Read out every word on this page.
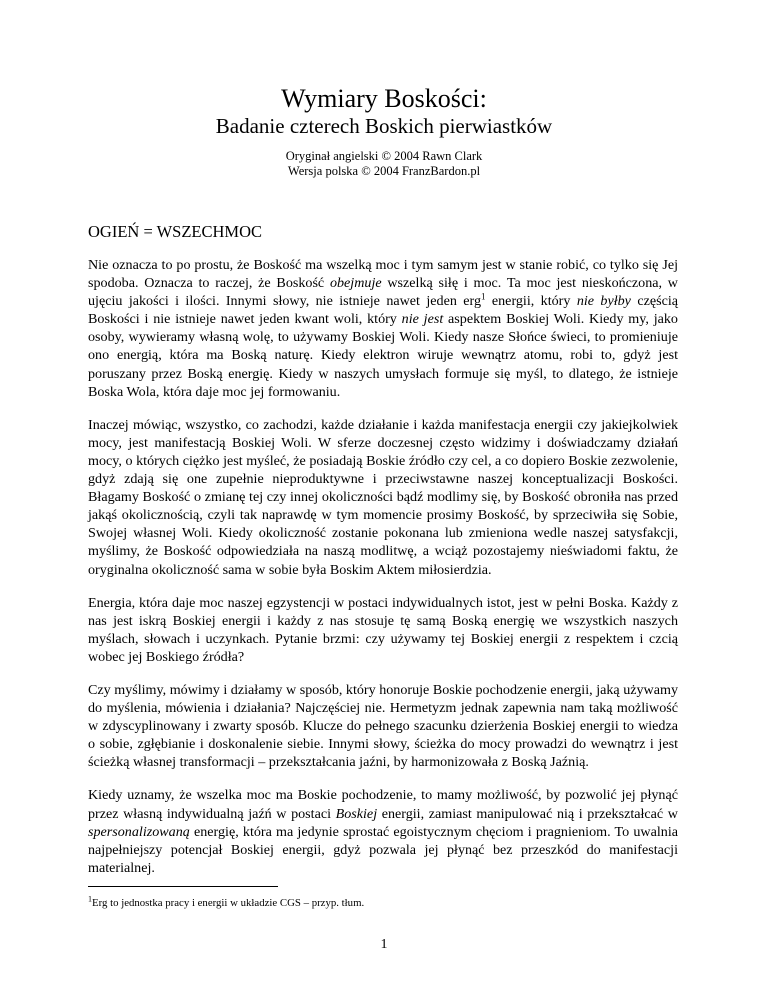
Wymiary Boskości:
Badanie czterech Boskich pierwiastków
Oryginał angielski © 2004 Rawn Clark
Wersja polska © 2004 FranzBardon.pl
OGIEŃ = WSZECHMOC

Nie oznacza to po prostu, że Boskość ma wszelką moc i tym samym jest w stanie robić, co tylko się Jej spodoba. Oznacza to raczej, że Boskość obejmuje wszelką siłę i moc. Ta moc jest nieskończona, w ujęciu jakości i ilości. Innymi słowy, nie istnieje nawet jeden erg$^1$ energii, który nie byłby częścią Boskości i nie istnieje nawet jeden kwant woli, który nie jest aspektem Boskiej Woli. Kiedy my, jako osoby, wywieramy własną wolę, to używamy Boskiej Woli. Kiedy nasze Słońce świeci, to promieniuje ono energią, która ma Boską naturę. Kiedy elektron wiruje wewnątrz atomu, robi to, gdyż jest poruszany przez Boską energię. Kiedy w naszych umysłach formuje się myśl, to dlatego, że istnieje Boska Wola, która daje moc jej formowaniu.

Inaczej mówiąc, wszystko, co zachodzi, każde działanie i każda manifestacja energii czy jakiejkolwiek mocy, jest manifestacją Boskiej Woli. W sferze doczesnej często widzimy i doświadczamy działań mocy, o których ciężko jest myśleć, że posiadają Boskie źródło czy cel, a co dopiero Boskie zezwolenie, gdyż zdają się one zupełnie nieproduktywne i przeciwstawne naszej konceptualizacji Boskości. Błagamy Boskość o zmianę tej czy innej okoliczności bądź modlimy się, by Boskość obroniła nas przed jakąś okolicznością, czyli tak naprawdę w tym momencie prosimy Boskość, by sprzeciwiła się Sobie, Swojej własnej Woli. Kiedy okoliczność zostanie pokonana lub zmieniona wedle naszej satysfakcji, myślimy, że Boskość odpowiedziała na naszą modlitwę, a wciąż pozostajemy nieświadomi faktu, że oryginalna okoliczność sama w sobie była Boskim Aktem miłosierdzia.

Energia, która daje moc naszej egzystencji w postaci indywidualnych istot, jest w pełni Boska. Każdy z nas jest iskrą Boskiej energii i każdy z nas stosuje tę samą Boską energię we wszystkich naszych myślach, słowach i uczynkach. Pytanie brzmi: czy używamy tej Boskiej energii z respektem i czcią wobec jej Boskiego źródła?

Czy myślimy, mówimy i działamy w sposób, który honoruje Boskie pochodzenie energii, jaką używamy do myślenia, mówienia i działania? Najczęściej nie. Hermetyzm jednak zapewnia nam taką możliwość w zdyscyplinowany i zwarty sposób. Klucze do pełnego szacunku dzierżenia Boskiej energii to wiedza o sobie, zgłębianie i doskonalenie siebie. Innymi słowy, ścieżka do mocy prowadzi do wewnątrz i jest ścieżką własnej transformacji – przekształcania jaźni, by harmonizowała z Boską Jaźnią.

Kiedy uznamy, że wszelka moc ma Boskie pochodzenie, to mamy możliwość, by pozwolić jej płynąć przez własną indywidualną jaźń w postaci Boskiej energii, zamiast manipulować nią i przekształcać w spersonalizowaną energię, która ma jedynie sprostać egoistycznym chęciom i pragnieniom. To uwalnia najpełniejszy potencjał Boskiej energii, gdyż pozwala jej płynąć bez przeszkód do manifestacji materialnej.

$^1$Erg to jednostka pracy i energii w układzie CGS – przyp. tłum.
1
